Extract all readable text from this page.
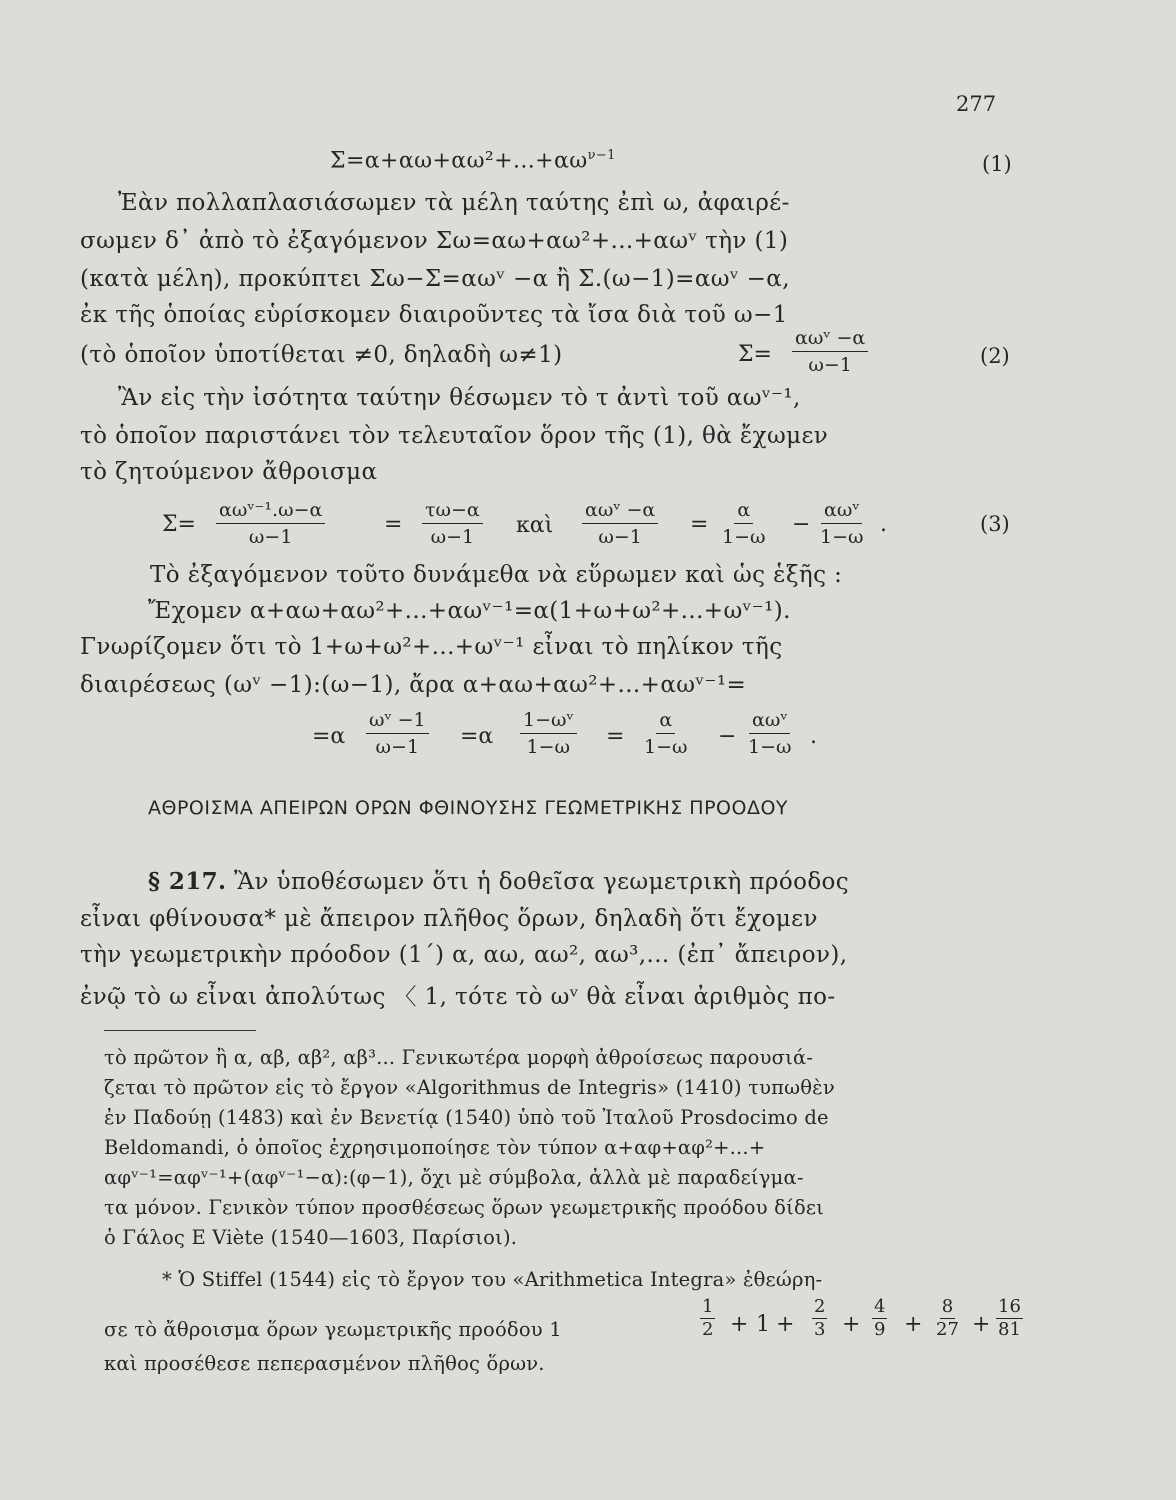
277
$\Sigma=\alpha+\alpha\omega+\alpha\omega^2+...+\alpha\omega^{\nu-1}$	(1)
Ἐὰν πολλαπλασιάσωμεν τὰ μέλη ταύτης ἐπὶ ω, ἀφαιρέ-
σωμεν δ᾽ ἀπὸ τὸ ἐξαγόμενον Σω=αω+αω²+...+αωᵛ τὴν (1)
(κατὰ μέλη), προκύπτει Σω−Σ=αωᵛ −α ἢ Σ.(ω−1)=αωᵛ −α,
ἐκ τῆς ὁποίας εὑρίσκομεν διαιροῦντες τὰ ἴσα διὰ τοῦ ω−1
(τὸ ὁποῖον ὑποτίθεται ≠0, δηλαδὴ ω≠1)	Σ=
αωᵛ −α
ω−1	(2)
Ἂν εἰς τὴν ἰσότητα ταύτην θέσωμεν τὸ τ ἀντὶ τοῦ αωᵛ⁻¹,
τὸ ὁποῖον παριστάνει τὸν τελευταῖον ὅρον τῆς (1), θὰ ἔχωμεν
τὸ ζητούμενον ἄθροισμα
Σ=
αωᵛ⁻¹.ω−α
ω−1	= $\frac{\tau\omega-\alpha}{\omega-1}$ καὶ
αωᵛ −α
$\omega-1 = \frac{\alpha}{1-\omega}$ −
αωᵛ
1−ω .	(3)
Τὸ ἐξαγόμενον τοῦτο δυνάμεθα νὰ εὕρωμεν καὶ ὡς ἑξῆς :
Ἔχομεν α+αω+αω²+...+αωᵛ⁻¹=α(1+ω+ω²+...+ωᵛ⁻¹).
Γνωρίζομεν ὅτι τὸ 1+ω+ω²+...+ωᵛ⁻¹ εἶναι τὸ πηλίκον τῆς
διαιρέσεως (ωᵛ −1):(ω−1), ἄρα α+αω+αω²+...+αωᵛ⁻¹=
$=\alpha \frac{\text{ωᵛ −1}}{\omega-1} =\alpha \frac{\text{1−ωᵛ}}{1-\omega} = \frac{\alpha}{1-\omega}$ −
αωᵛ
1−ω .
ΑΘΡΟΙΣΜΑ ΑΠΕΙΡΩΝ ΟΡΩΝ ΦΘΙΝΟΥΣΗΣ ΓΕΩΜΕΤΡΙΚΗΣ ΠΡΟΟΔΟΥ
§ 217. Ἂν ὑποθέσωμεν ὅτι ἡ δοθεῖσα γεωμετρικὴ πρόοδος
εἶναι φθίνουσα* μὲ ἄπειρον πλῆθος ὅρων, δηλαδὴ ὅτι ἔχομεν
τὴν γεωμετρικὴν πρόοδον (1΄) α, αω, αω², αω³,... (ἐπ᾽ ἄπειρον),
ἐνῷ τὸ ω εἶναι ἀπολύτως 〈 1, τότε τὸ ωᵛ θὰ εἶναι ἀριθμὸς πο-
τὸ πρῶτον ἢ α, αβ, αβ², αβ³... Γενικωτέρα μορφὴ ἀθροίσεως παρουσιά-
ζεται τὸ πρῶτον εἰς τὸ ἔργον «Algorithmus de Integris» (1410) τυπωθὲν
ἐν Παδούῃ (1483) καὶ ἐν Βενετίᾳ (1540) ὑπὸ τοῦ Ἰταλοῦ Prosdocimo de
Beldomandi, ὁ ὁποῖος ἐχρησιμοποίησε τὸν τύπον α+αφ+αφ²+...+
αφᵛ⁻¹=αφᵛ⁻¹+(αφᵛ⁻¹−α):(φ−1), ὄχι μὲ σύμβολα, ἀλλὰ μὲ παραδείγμα-
τα μόνον. Γενικὸν τύπον προσθέσεως ὅρων γεωμετρικῆς προόδου δίδει
ὁ Γάλος E Viète (1540—1603, Παρίσιοι).
* Ὁ Stiffel (1544) εἰς τὸ ἔργον του «Arithmetica Integra» ἐθεώρη-
σε τὸ ἄθροισμα ὅρων γεωμετρικῆς προόδου 1	$\frac{1}{2} + 1 + \frac{2}{3} + \frac{4}{9} + \frac{8}{27} + \frac{16}{81}$
καὶ προσέθεσε πεπερασμένον πλῆθος ὅρων.
